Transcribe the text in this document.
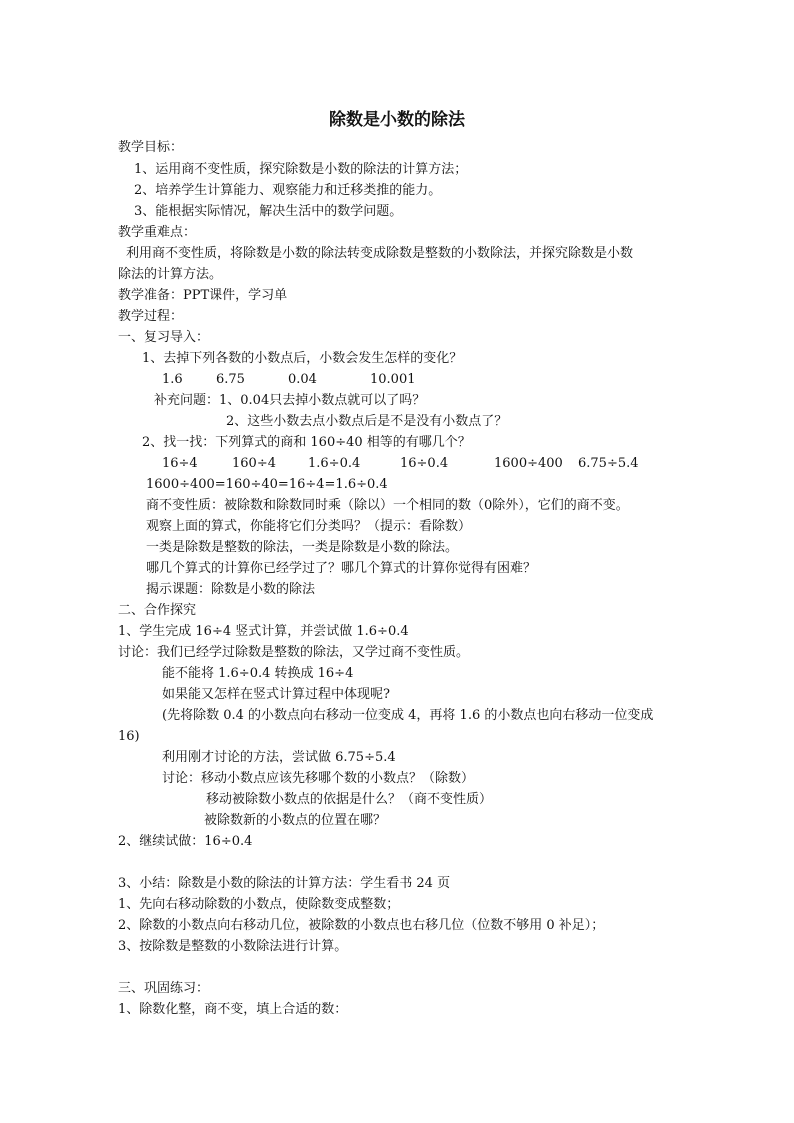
除数是小数的除法
教学目标：
1、运用商不变性质，探究除数是小数的除法的计算方法；
2、培养学生计算能力、观察能力和迁移类推的能力。
3、能根据实际情况，解决生活中的数学问题。
教学重难点：
利用商不变性质，将除数是小数的除法转变成除数是整数的小数除法，并探究除数是小数
除法的计算方法。
教学准备：PPT课件，学习单
教学过程：
一、复习导入：
1、去掉下列各数的小数点后，小数会发生怎样的变化？
1.6	6.75	0.04	10.001
补充问题：1、0.04只去掉小数点就可以了吗？
2、这些小数去点小数点后是不是没有小数点了？
2、找一找：下列算式的商和 160÷40 相等的有哪几个？
16÷4	160÷4 1.6÷0.4	16÷0.4	1600÷400 6.75÷5.4
1600÷400=160÷40=16÷4=1.6÷0.4
商不变性质：被除数和除数同时乘（除以）一个相同的数（0除外），它们的商不变。
观察上面的算式，你能将它们分类吗？（提示：看除数）
一类是除数是整数的除法，一类是除数是小数的除法。
哪几个算式的计算你已经学过了？哪几个算式的计算你觉得有困难？
揭示课题：除数是小数的除法
二、合作探究
1、学生完成 16÷4 竖式计算，并尝试做 1.6÷0.4
讨论：我们已经学过除数是整数的除法，又学过商不变性质。
能不能将 1.6÷0.4 转换成 16÷4
如果能又怎样在竖式计算过程中体现呢?
(先将除数 0.4 的小数点向右移动一位变成 4，再将 1.6 的小数点也向右移动一位变成
16)
利用刚才讨论的方法，尝试做 6.75÷5.4
讨论：移动小数点应该先移哪个数的小数点？（除数）
移动被除数小数点的依据是什么？（商不变性质）
被除数新的小数点的位置在哪？
2、继续试做：16÷0.4
3、小结：除数是小数的除法的计算方法：学生看书 24 页
1、先向右移动除数的小数点，使除数变成整数；
2、除数的小数点向右移动几位，被除数的小数点也右移几位（位数不够用 0 补足）；
3、按除数是整数的小数除法进行计算。
三、巩固练习：
1、除数化整，商不变，填上合适的数：
